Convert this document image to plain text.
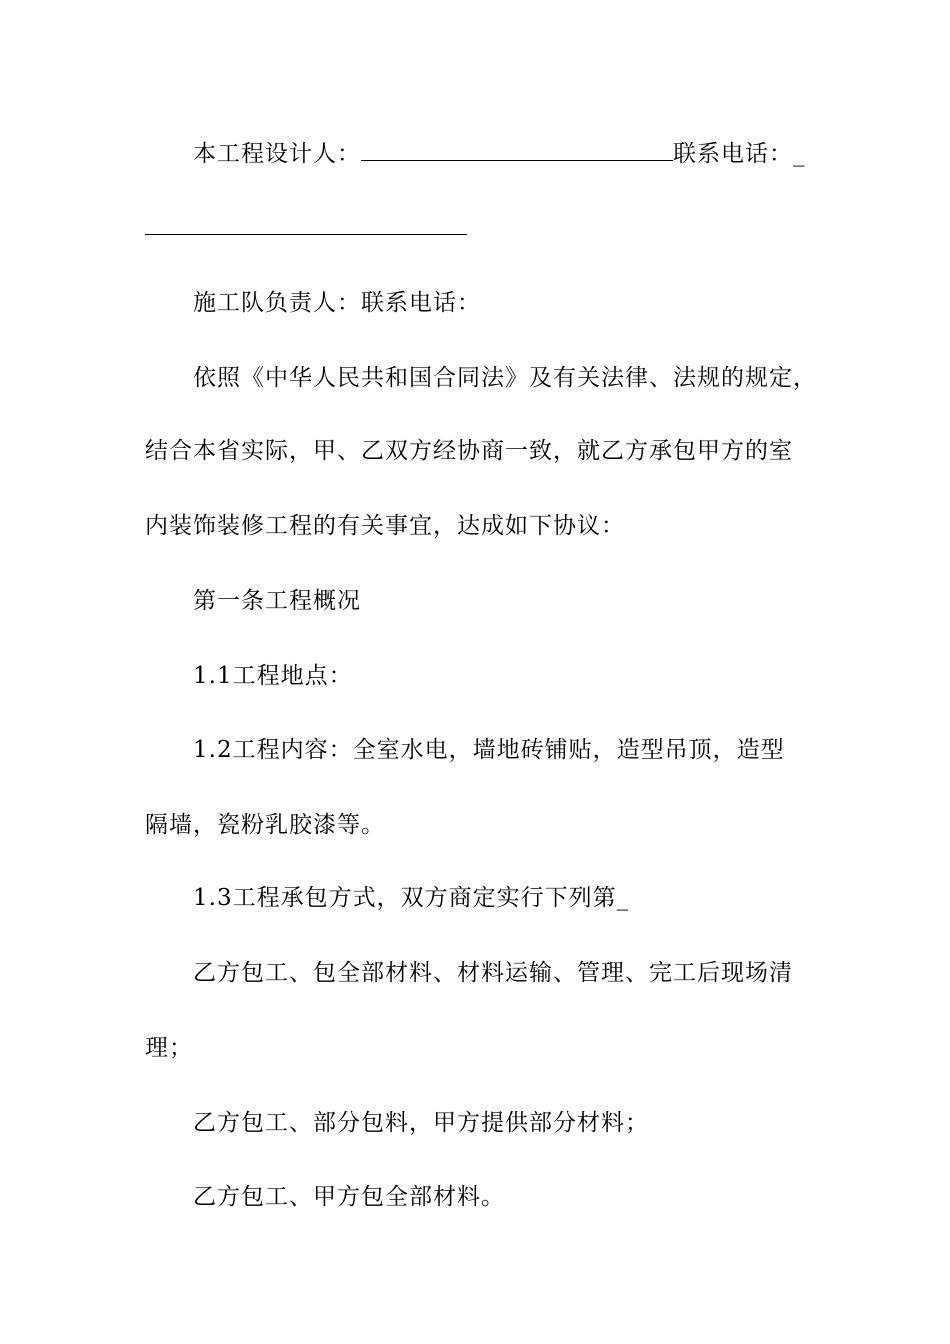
本工程设计人：	联系电话：_
施工队负责人：联系电话：
依照《中华人民共和国合同法》及有关法律、法规的规定，
结合本省实际，甲、乙双方经协商一致，就乙方承包甲方的室
内装饰装修工程的有关事宜，达成如下协议：
第一条工程概况
1.1工程地点：
1.2工程内容：全室水电，墙地砖铺贴，造型吊顶，造型
隔墙，瓷粉乳胶漆等。
1.3工程承包方式，双方商定实行下列第_
乙方包工、包全部材料、材料运输、管理、完工后现场清
理；
乙方包工、部分包料，甲方提供部分材料；
乙方包工、甲方包全部材料。
